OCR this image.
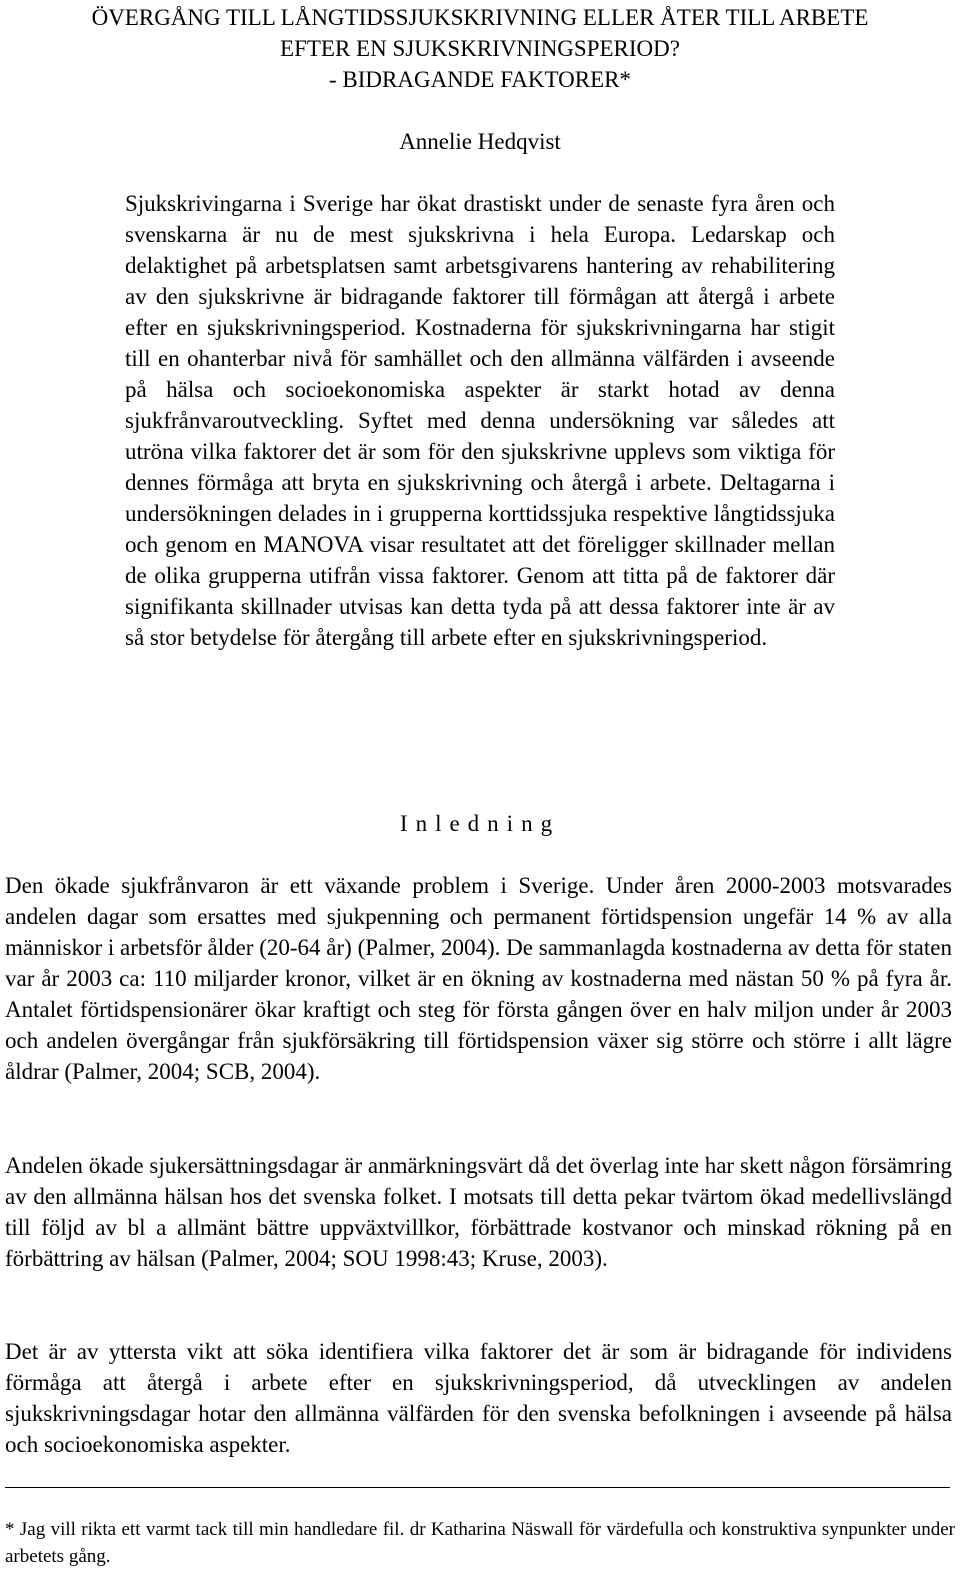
ÖVERGÅNG TILL LÅNGTIDSSJUKSKRIVNING ELLER ÅTER TILL ARBETE
EFTER EN SJUKSKRIVNINGSPERIOD?
- BIDRAGANDE FAKTORER*
Annelie Hedqvist

Sjukskrivingarna i Sverige har ökat drastiskt under de senaste fyra åren och svenskarna är nu de mest sjukskrivna i hela Europa. Ledarskap och delaktighet på arbetsplatsen samt arbetsgivarens hantering av rehabilitering av den sjukskrivne är bidragande faktorer till förmågan att återgå i arbete efter en sjukskrivningsperiod. Kostnaderna för sjukskrivningarna har stigit till en ohanterbar nivå för samhället och den allmänna välfärden i avseende på hälsa och socioekonomiska aspekter är starkt hotad av denna sjukfrånvaroutveckling. Syftet med denna undersökning var således att utröna vilka faktorer det är som för den sjukskrivne upplevs som viktiga för dennes förmåga att bryta en sjukskrivning och återgå i arbete. Deltagarna i undersökningen delades in i grupperna korttidssjuka respektive långtidssjuka och genom en MANOVA visar resultatet att det föreligger skillnader mellan de olika grupperna utifrån vissa faktorer. Genom att titta på de faktorer där signifikanta skillnader utvisas kan detta tyda på att dessa faktorer inte är av så stor betydelse för återgång till arbete efter en sjukskrivningsperiod.

Inledning

Den ökade sjukfrånvaron är ett växande problem i Sverige. Under åren 2000-2003 motsvarades andelen dagar som ersattes med sjukpenning och permanent förtidspension ungefär 14 % av alla människor i arbetsför ålder (20-64 år) (Palmer, 2004). De sammanlagda kostnaderna av detta för staten var år 2003 ca: 110 miljarder kronor, vilket är en ökning av kostnaderna med nästan 50 % på fyra år. Antalet förtidspensionärer ökar kraftigt och steg för första gången över en halv miljon under år 2003 och andelen övergångar från sjukförsäkring till förtidspension växer sig större och större i allt lägre åldrar (Palmer, 2004; SCB, 2004).

Andelen ökade sjukersättningsdagar är anmärkningsvärt då det överlag inte har skett någon försämring av den allmänna hälsan hos det svenska folket. I motsats till detta pekar tvärtom ökad medellivslängd till följd av bl a allmänt bättre uppväxtvillkor, förbättrade kostvanor och minskad rökning på en förbättring av hälsan (Palmer, 2004; SOU 1998:43; Kruse, 2003).

Det är av yttersta vikt att söka identifiera vilka faktorer det är som är bidragande för individens förmåga att återgå i arbete efter en sjukskrivningsperiod, då utvecklingen av andelen sjukskrivningsdagar hotar den allmänna välfärden för den svenska befolkningen i avseende på hälsa och socioekonomiska aspekter.

* Jag vill rikta ett varmt tack till min handledare fil. dr Katharina Näswall för värdefulla och konstruktiva synpunkter under arbetets gång.
